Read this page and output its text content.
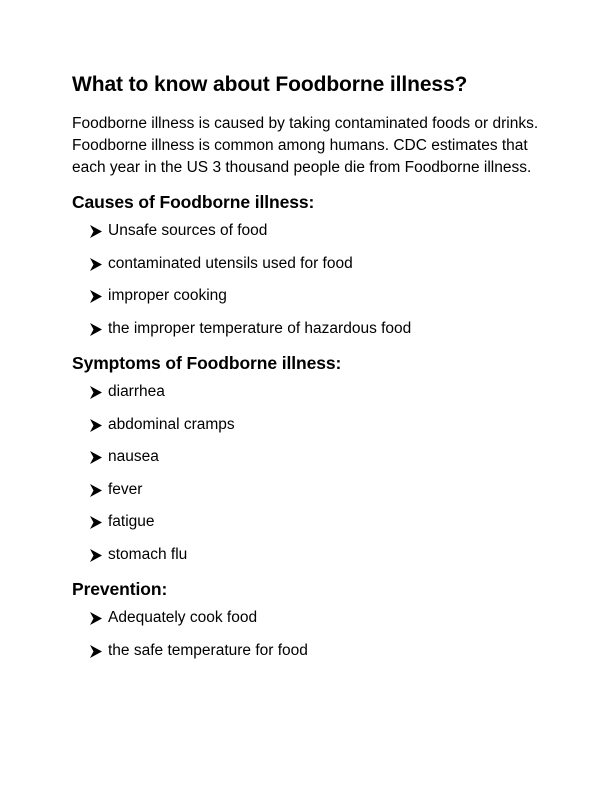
What to know about Foodborne illness?

Foodborne illness is caused by taking contaminated foods or drinks. Foodborne illness is common among humans. CDC estimates that each year in the US 3 thousand people die from Foodborne illness.

Causes of Foodborne illness:
Unsafe sources of food
contaminated utensils used for food
improper cooking
the improper temperature of hazardous food
Symptoms of Foodborne illness:
diarrhea
abdominal cramps
nausea
fever
fatigue
stomach flu
Prevention:
Adequately cook food
the safe temperature for food
